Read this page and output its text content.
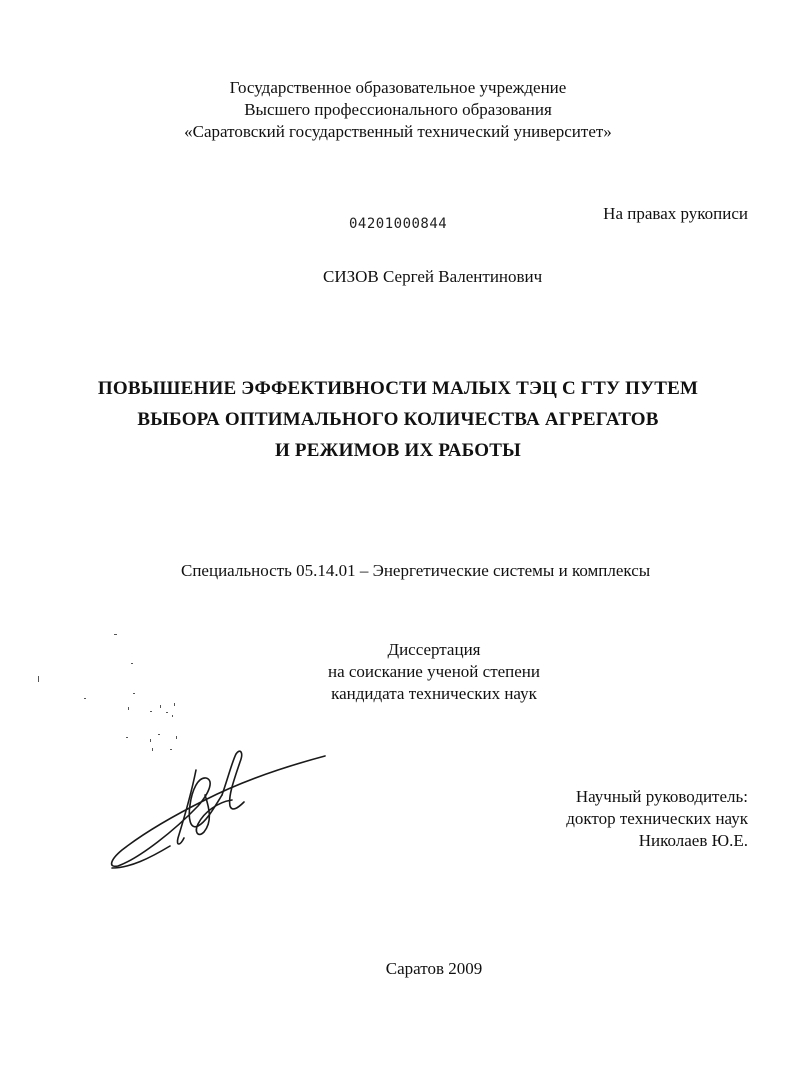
Государственное образовательное учреждение
Высшего профессионального образования
«Саратовский государственный технический университет»
04201000844
На правах рукописи
СИЗОВ Сергей Валентинович
ПОВЫШЕНИЕ ЭФФЕКТИВНОСТИ МАЛЫХ ТЭЦ С ГТУ ПУТЕМ
ВЫБОРА ОПТИМАЛЬНОГО КОЛИЧЕСТВА АГРЕГАТОВ
И РЕЖИМОВ ИХ РАБОТЫ
Специальность 05.14.01 – Энергетические системы и комплексы
Диссертация
на соискание ученой степени
кандидата технических наук
Научный руководитель:
доктор технических наук
Николаев Ю.Е.
Саратов 2009
